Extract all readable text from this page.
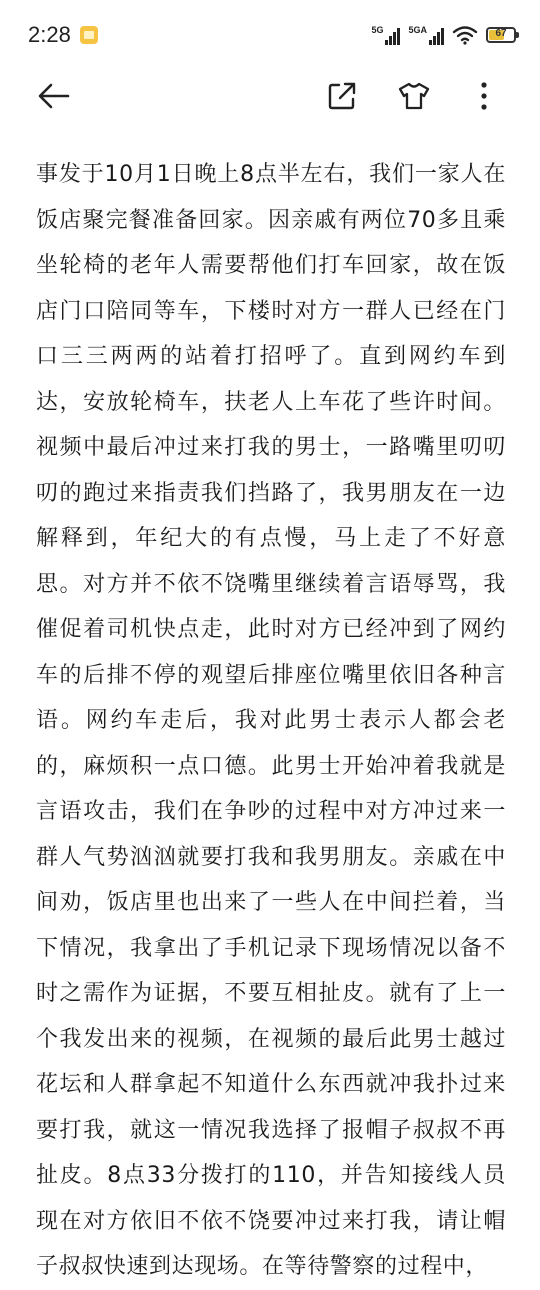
2:28	5G	5GA	67

事发于10月1日晚上8点半左右，我们一家人在饭店聚完餐准备回家。因亲戚有两位70多且乘坐轮椅的老年人需要帮他们打车回家，故在饭店门口陪同等车，下楼时对方一群人已经在门口三三两两的站着打招呼了。直到网约车到达，安放轮椅车，扶老人上车花了些许时间。视频中最后冲过来打我的男士，一路嘴里叨叨叨的跑过来指责我们挡路了，我男朋友在一边解释到，年纪大的有点慢，马上走了不好意思。对方并不依不饶嘴里继续着言语辱骂，我催促着司机快点走，此时对方已经冲到了网约车的后排不停的观望后排座位嘴里依旧各种言语。网约车走后，我对此男士表示人都会老的，麻烦积一点口德。此男士开始冲着我就是言语攻击，我们在争吵的过程中对方冲过来一群人气势汹汹就要打我和我男朋友。亲戚在中间劝，饭店里也出来了一些人在中间拦着，当下情况，我拿出了手机记录下现场情况以备不时之需作为证据，不要互相扯皮。就有了上一个我发出来的视频，在视频的最后此男士越过花坛和人群拿起不知道什么东西就冲我扑过来要打我，就这一情况我选择了报帽子叔叔不再扯皮。8点33分拨打的110，并告知接线人员现在对方依旧不依不饶要冲过来打我，请让帽子叔叔快速到达现场。在等待警察的过程中，
